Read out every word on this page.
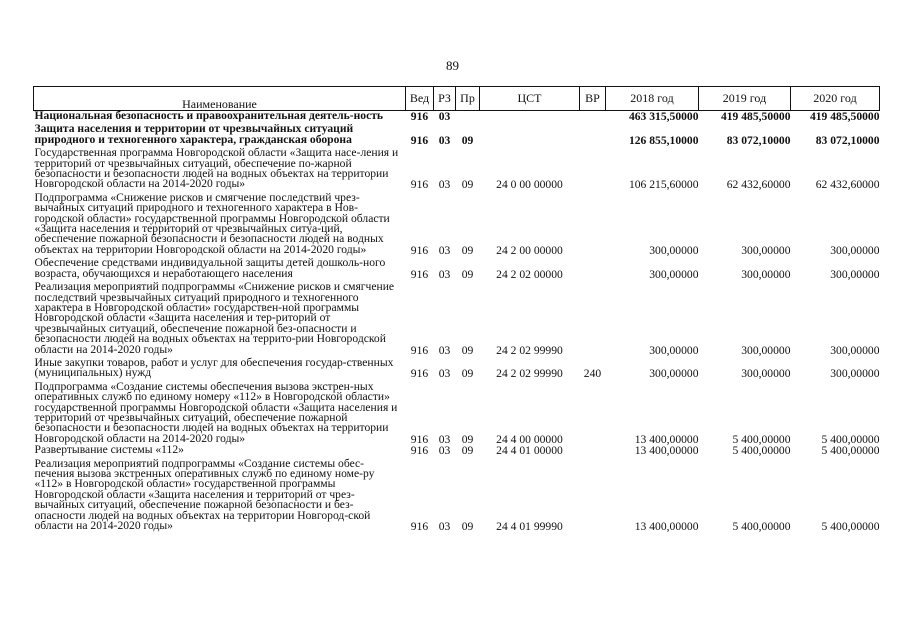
89
Наименование	Вед	РЗ	Пр	ЦСТ	ВР	2018 год	2019 год	2020 год
Национальная безопасность и правоохранительная деятель-ность	916	03				463 315,50000	419 485,50000	419 485,50000
Защита населения и территории от чрезвычайных ситуаций природного и техногенного характера, гражданская оборона	916	03	09			126 855,10000	83 072,10000	83 072,10000
Государственная программа Новгородской области «Защита насе-ления и территорий от чрезвычайных ситуаций, обеспечение по-жарной безопасности и безопасности людей на водных объектах на территории Новгородской области на 2014-2020 годы»	916	03	09	24 0 00 00000		106 215,60000	62 432,60000	62 432,60000
Подпрограмма «Снижение рисков и смягчение последствий чрез-вычайных ситуаций природного и техногенного характера в Нов-городской области» государственной программы Новгородской области «Защита населения и территорий от чрезвычайных ситуа-ций, обеспечение пожарной безопасности и безопасности людей на водных объектах на территории Новгородской области на 2014-2020 годы»	916	03	09	24 2 00 00000		300,00000	300,00000	300,00000
Обеспечение средствами индивидуальной защиты детей дошколь-ного возраста, обучающихся и неработающего населения	916	03	09	24 2 02 00000		300,00000	300,00000	300,00000
Реализация мероприятий подпрограммы «Снижение рисков и смягчение последствий чрезвычайных ситуаций природного и техногенного характера в Новгородской области» государствен-ной программы Новгородской области «Защита населения и тер-риторий от чрезвычайных ситуаций, обеспечение пожарной без-опасности и безопасности людей на водных объектах на террито-рии Новгородской области на 2014-2020 годы»	916	03	09	24 2 02 99990		300,00000	300,00000	300,00000
Иные закупки товаров, работ и услуг для обеспечения государ-ственных (муниципальных) нужд	916	03	09	24 2 02 99990	240	300,00000	300,00000	300,00000
Подпрограмма «Создание системы обеспечения вызова экстрен-ных оперативных служб по единому номеру «112» в Новгородской области» государственной программы Новгородской области «Защита населения и территорий от чрезвычайных ситуаций, обеспечение пожарной безопасности и безопасности людей на водных объектах на территории Новгородской области на 2014-2020 годы»	916	03	09	24 4 00 00000		13 400,00000	5 400,00000	5 400,00000
Развертывание системы «112»	916	03	09	24 4 01 00000		13 400,00000	5 400,00000	5 400,00000
Реализация мероприятий подпрограммы «Создание системы обес-печения вызова экстренных оперативных служб по единому номе-ру «112» в Новгородской области» государственной программы Новгородской области «Защита населения и территорий от чрез-вычайных ситуаций, обеспечение пожарной безопасности и без-опасности людей на водных объектах на территории Новгород-ской области на 2014-2020 годы»	916	03	09	24 4 01 99990		13 400,00000	5 400,00000	5 400,00000
